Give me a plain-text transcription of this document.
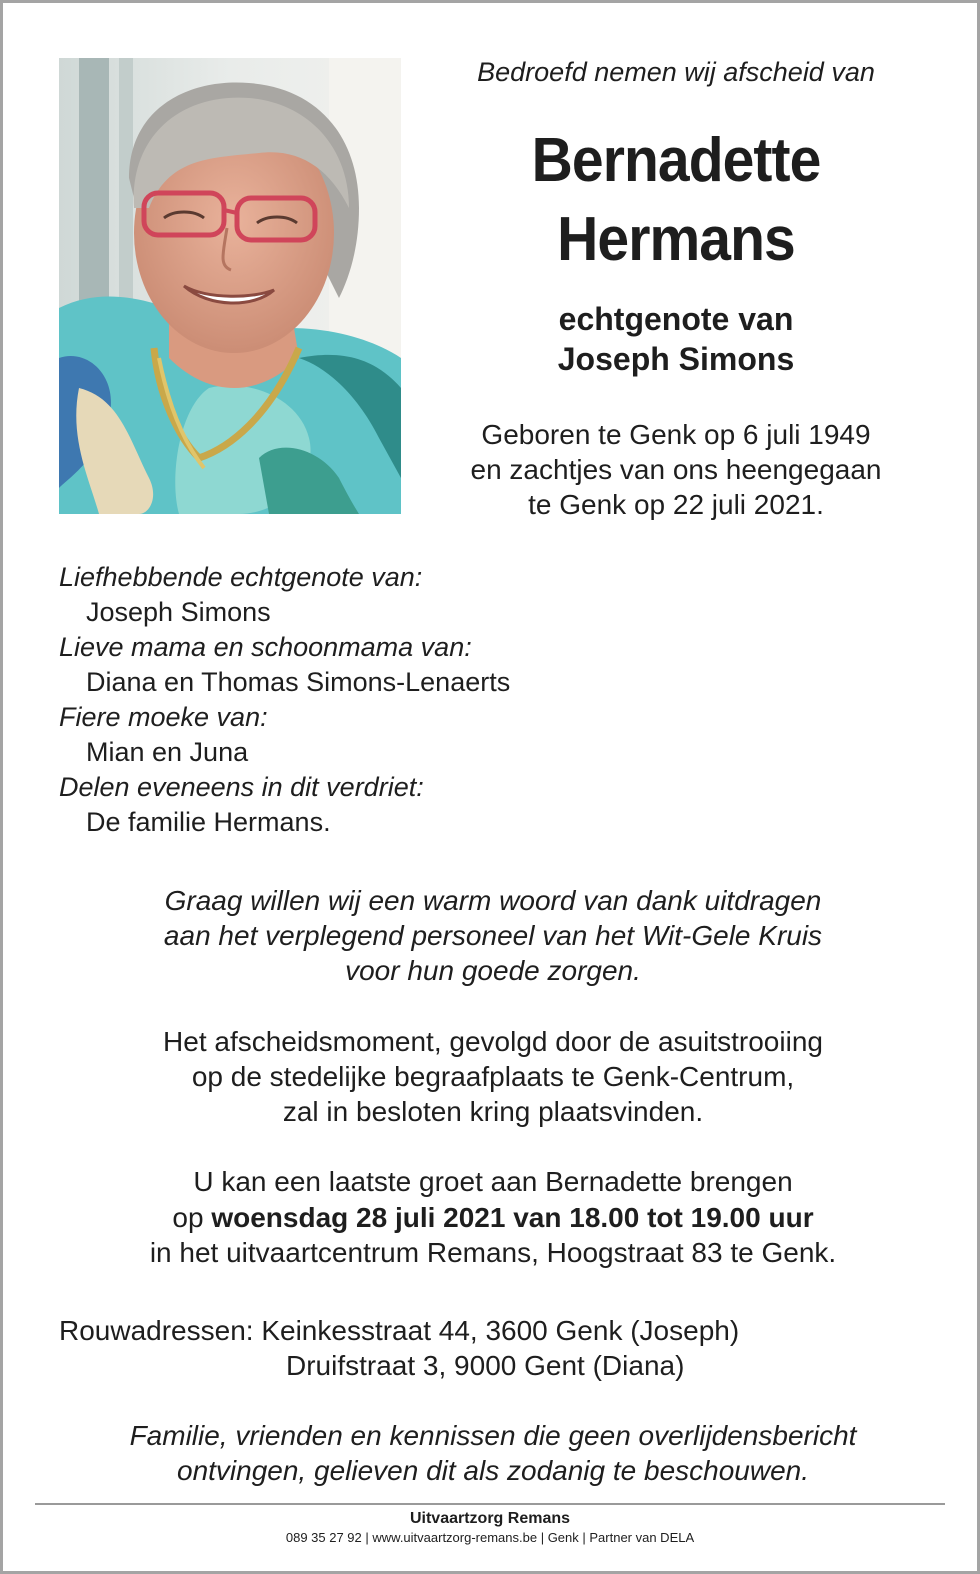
Bedroefd nemen wij afscheid van
Bernadette
Hermans
echtgenote van
Joseph Simons
Geboren te Genk op 6 juli 1949
en zachtjes van ons heengegaan
te Genk op 22 juli 2021.
Liefhebbende echtgenote van:
Joseph Simons
Lieve mama en schoonmama van:
Diana en Thomas Simons-Lenaerts
Fiere moeke van:
Mian en Juna
Delen eveneens in dit verdriet:
De familie Hermans.
Graag willen wij een warm woord van dank uitdragen
aan het verplegend personeel van het Wit-Gele Kruis
voor hun goede zorgen.
Het afscheidsmoment, gevolgd door de asuitstrooiing
op de stedelijke begraafplaats te Genk-Centrum,
zal in besloten kring plaatsvinden.
U kan een laatste groet aan Bernadette brengen
op woensdag 28 juli 2021 van 18.00 tot 19.00 uur
in het uitvaartcentrum Remans, Hoogstraat 83 te Genk.
Rouwadressen: Keinkesstraat 44, 3600 Genk (Joseph)
Druifstraat 3, 9000 Gent (Diana)
Familie, vrienden en kennissen die geen overlijdensbericht
ontvingen, gelieven dit als zodanig te beschouwen.
Uitvaartzorg Remans
089 35 27 92 | www.uitvaartzorg-remans.be | Genk | Partner van DELA
